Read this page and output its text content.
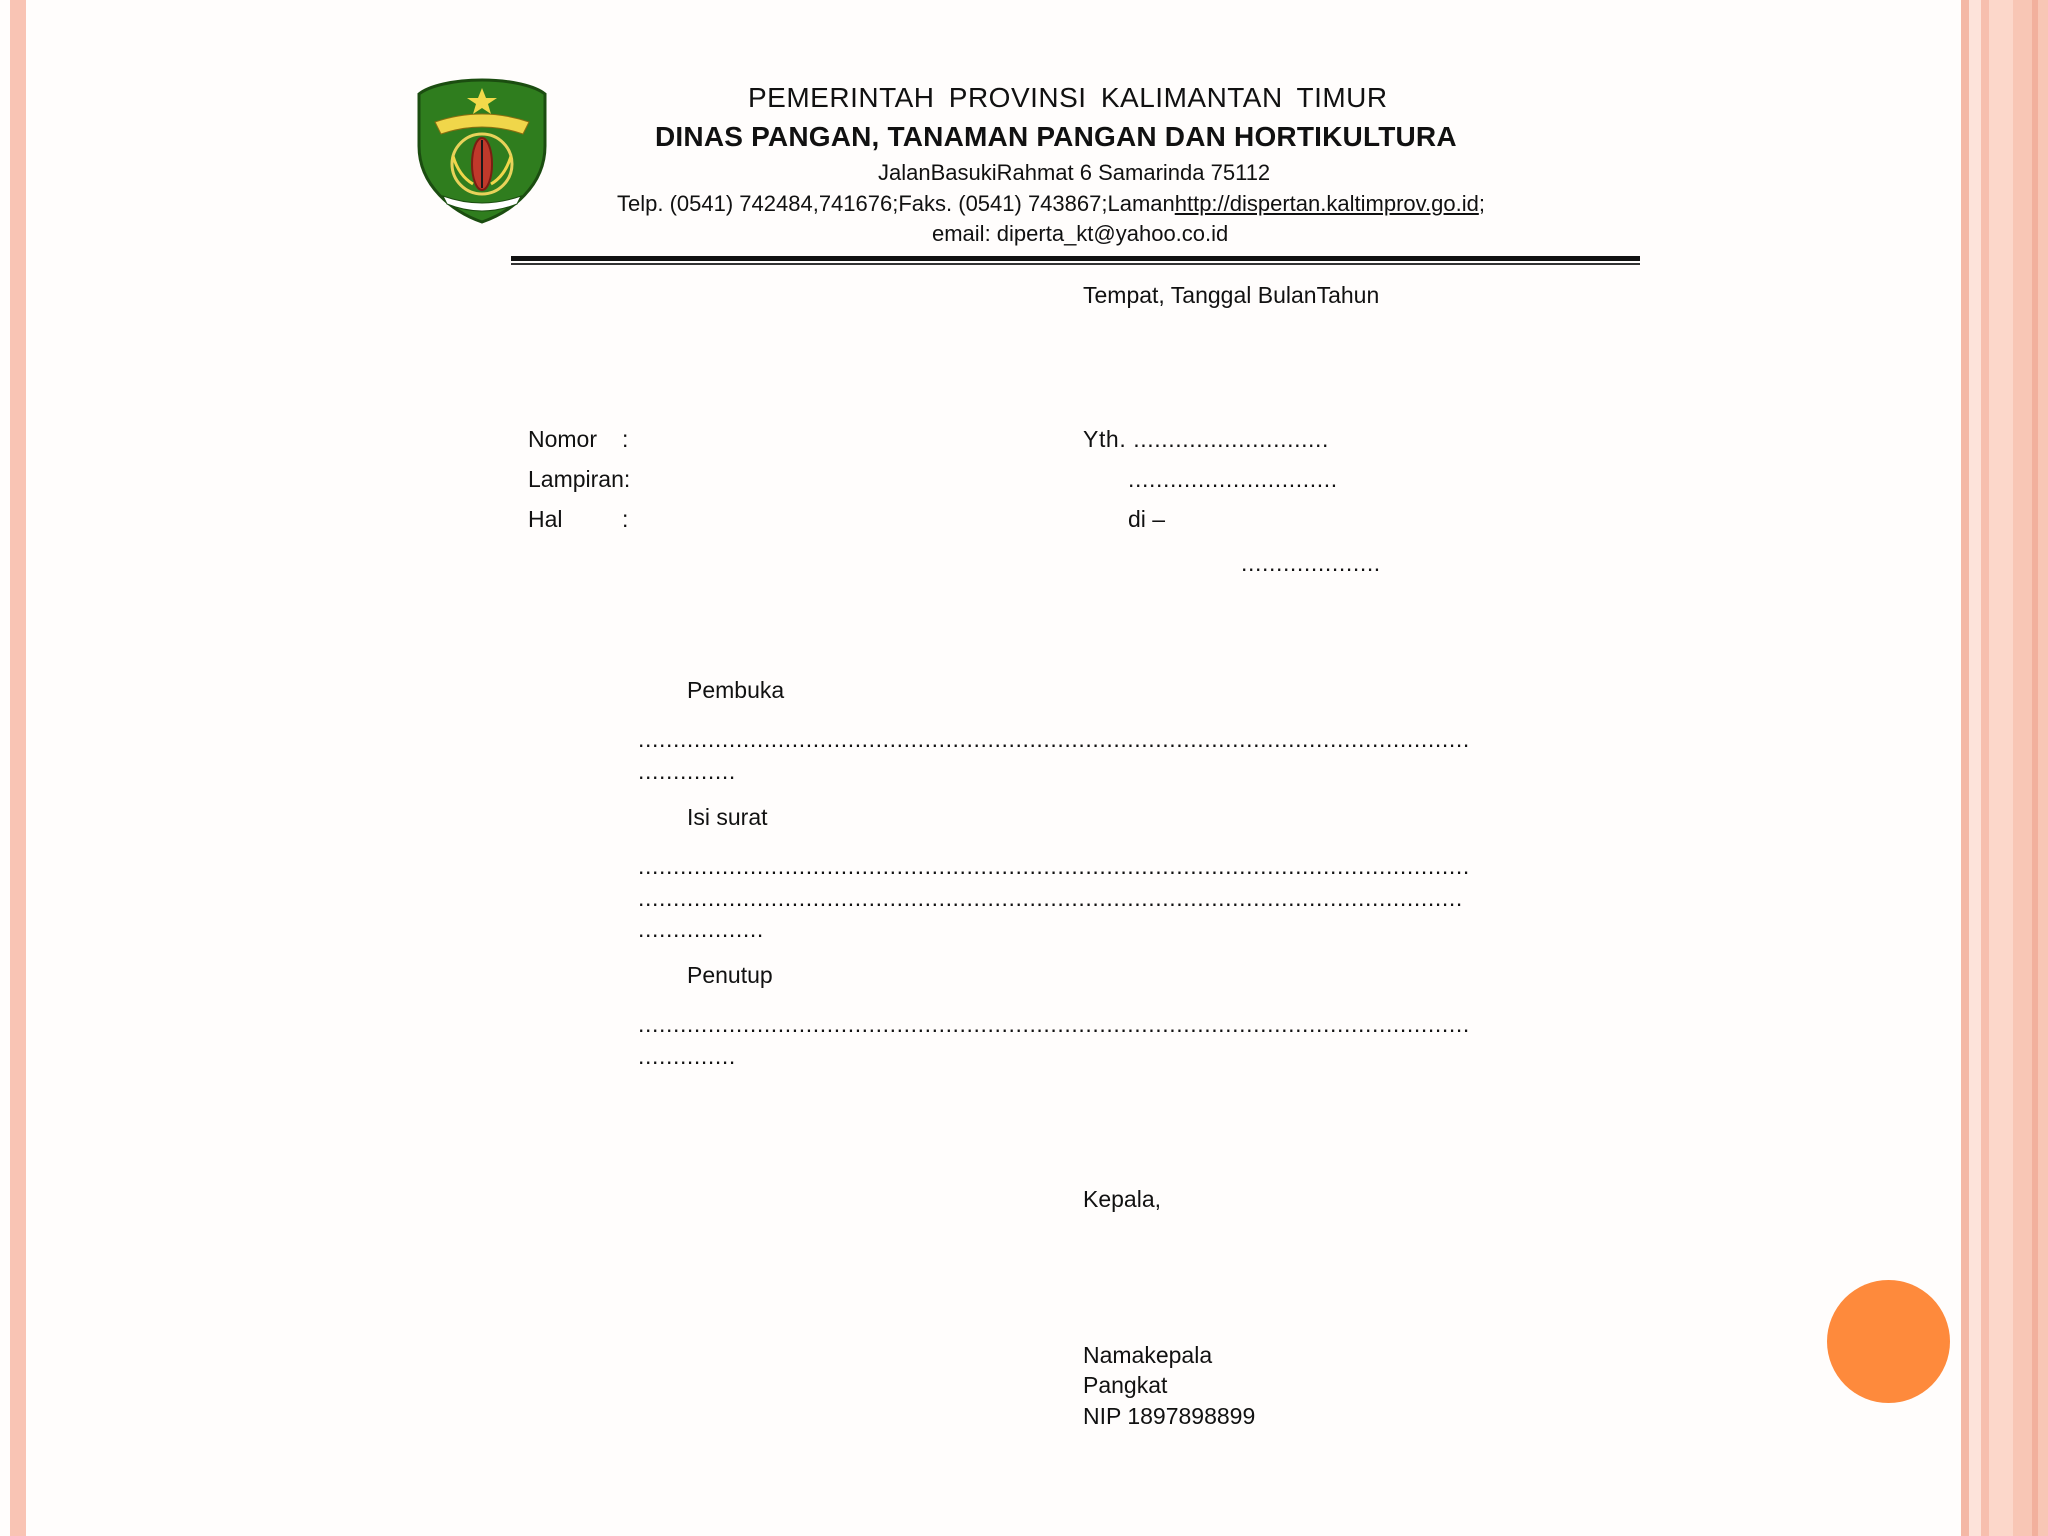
PEMERINTAH PROVINSI KALIMANTAN TIMUR
DINAS PANGAN, TANAMAN PANGAN DAN HORTIKULTURA
JalanBasukiRahmat 6 Samarinda 75112
Telp. (0541) 742484,741676;Faks. (0541) 743867;Lamanhttp://dispertan.kaltimprov.go.id;
email: diperta_kt@yahoo.co.id
Tempat, Tanggal BulanTahun
Nomor :
Lampiran:
Hal	:
Yth. ............................
..............................
di –
....................
Pembuka
.......................................................................................................................
..............
Isi surat
.......................................................................................................................
......................................................................................................................
..................
Penutup
.......................................................................................................................
..............
Kepala,
Namakepala
Pangkat
NIP 1897898899
